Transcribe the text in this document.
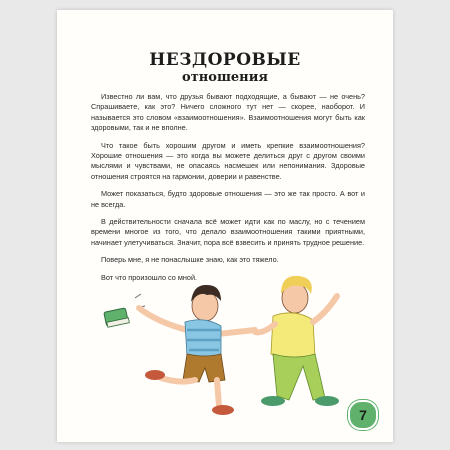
НЕЗДОРОВЫЕ
отношения

Известно ли вам, что друзья бывают подходящие, а бывают — не очень? Спрашиваете, как это? Ничего сложного тут нет — скорее, наоборот. И называется это словом «взаимоотношения». Взаимоотношения могут быть как здоровыми, так и не вполне.

Что такое быть хорошим другом и иметь крепкие взаимоотношения? Хорошие отношения — это когда вы можете делиться друг с другом своими мыслями и чувствами, не опасаясь насмешек или непонимания. Здоровые отношения строятся на гармонии, доверии и равенстве.

Может показаться, будто здоровые отношения — это же так просто. А вот и не всегда.

В действительности сначала всё может идти как по маслу, но с течением времени многое из того, что делало взаимоотношения такими приятными, начинает улетучиваться. Значит, пора всё взвесить и принять трудное решение.

Поверь мне, я не понаслышке знаю, как это тяжело.

Вот что произошло со мной.

7
